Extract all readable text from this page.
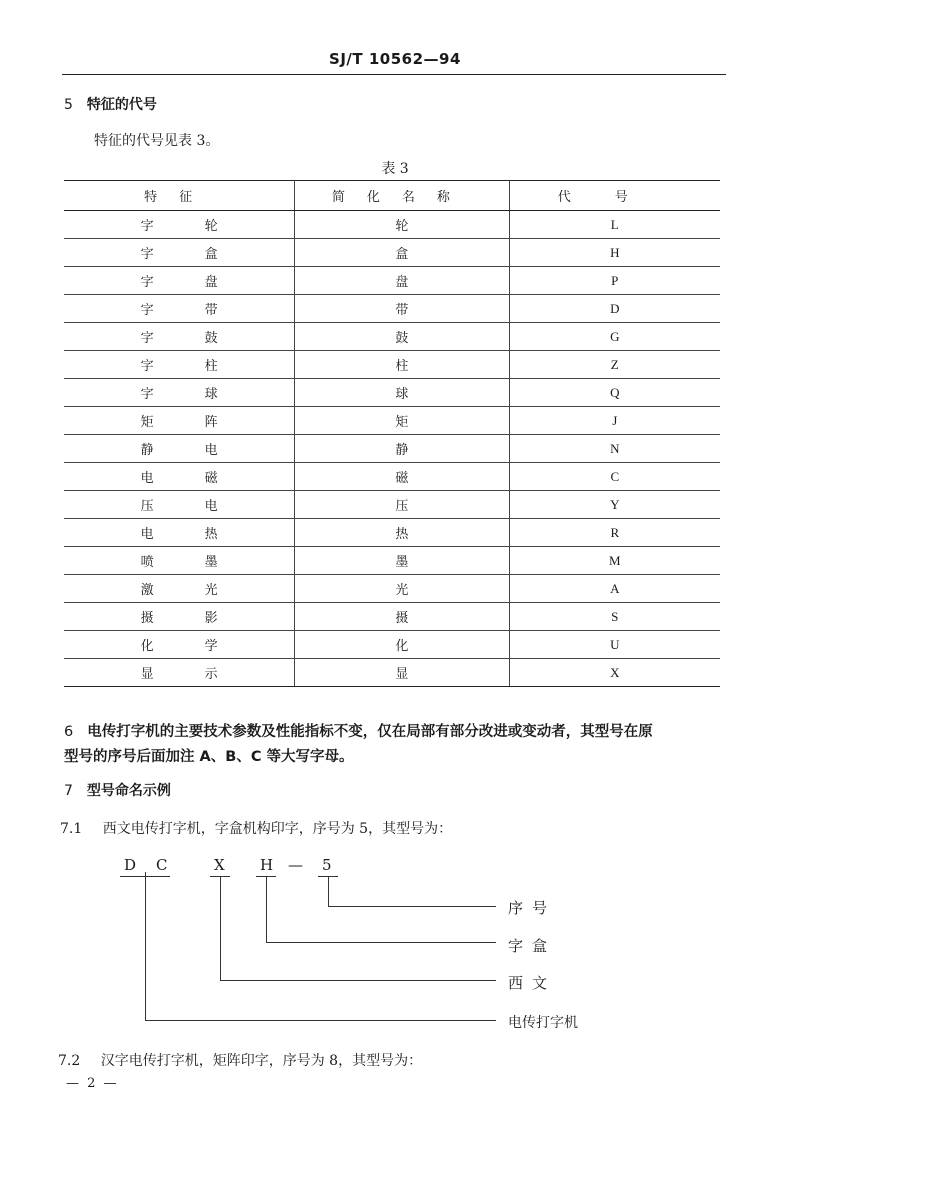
SJ/T 10562—94
5 特征的代号
特征的代号见表 3。
表 3
特征	简化名称	代号
字 轮	轮	L
字 盒	盒	H
字 盘	盘	P
字 带	带	D
字 鼓	鼓	G
字 柱	柱	Z
字 球	球	Q
矩 阵	矩	J
静 电	静	N
电 磁	磁	C
压 电	压	Y
电 热	热	R
喷 墨	墨	M
激 光	光	A
摄 影	摄	S
化 学	化	U
显 示	显	X
6 电传打字机的主要技术参数及性能指标不变，仅在局部有部分改进或变动者，其型号在原
型号的序号后面加注 A、B、C 等大写字母。
7 型号命名示例
7.1 西文电传打字机，字盒机构印字，序号为 5，其型号为：
D C	X H — 5
序号
字盒
西文
电传打字机
7.2 汉字电传打字机，矩阵印字，序号为 8，其型号为：
— 2 —
